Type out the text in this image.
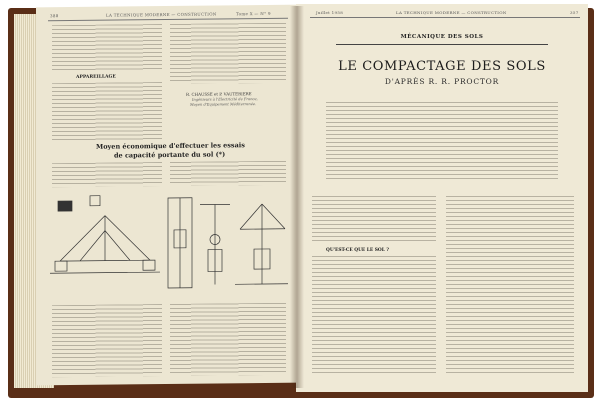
388	LA TECHNIQUE MODERNE — CONSTRUCTION	Tome X — N° 9
APPAREILLAGE
R. CHAUSSE et P. VAUTERIERE
Ingénieurs à l'Electricité de France,
Moyen d'Equipement Méditerranée.
Moyen économique d'effectuer les essais
de capacité portante du sol (*)
Juillet 1958	LA TECHNIQUE MODERNE — CONSTRUCTION	357
MÉCANIQUE DES SOLS
LE COMPACTAGE DES SOLS
D'APRÈS R. R. PROCTOR
QU'EST-CE QUE LE SOL ?
